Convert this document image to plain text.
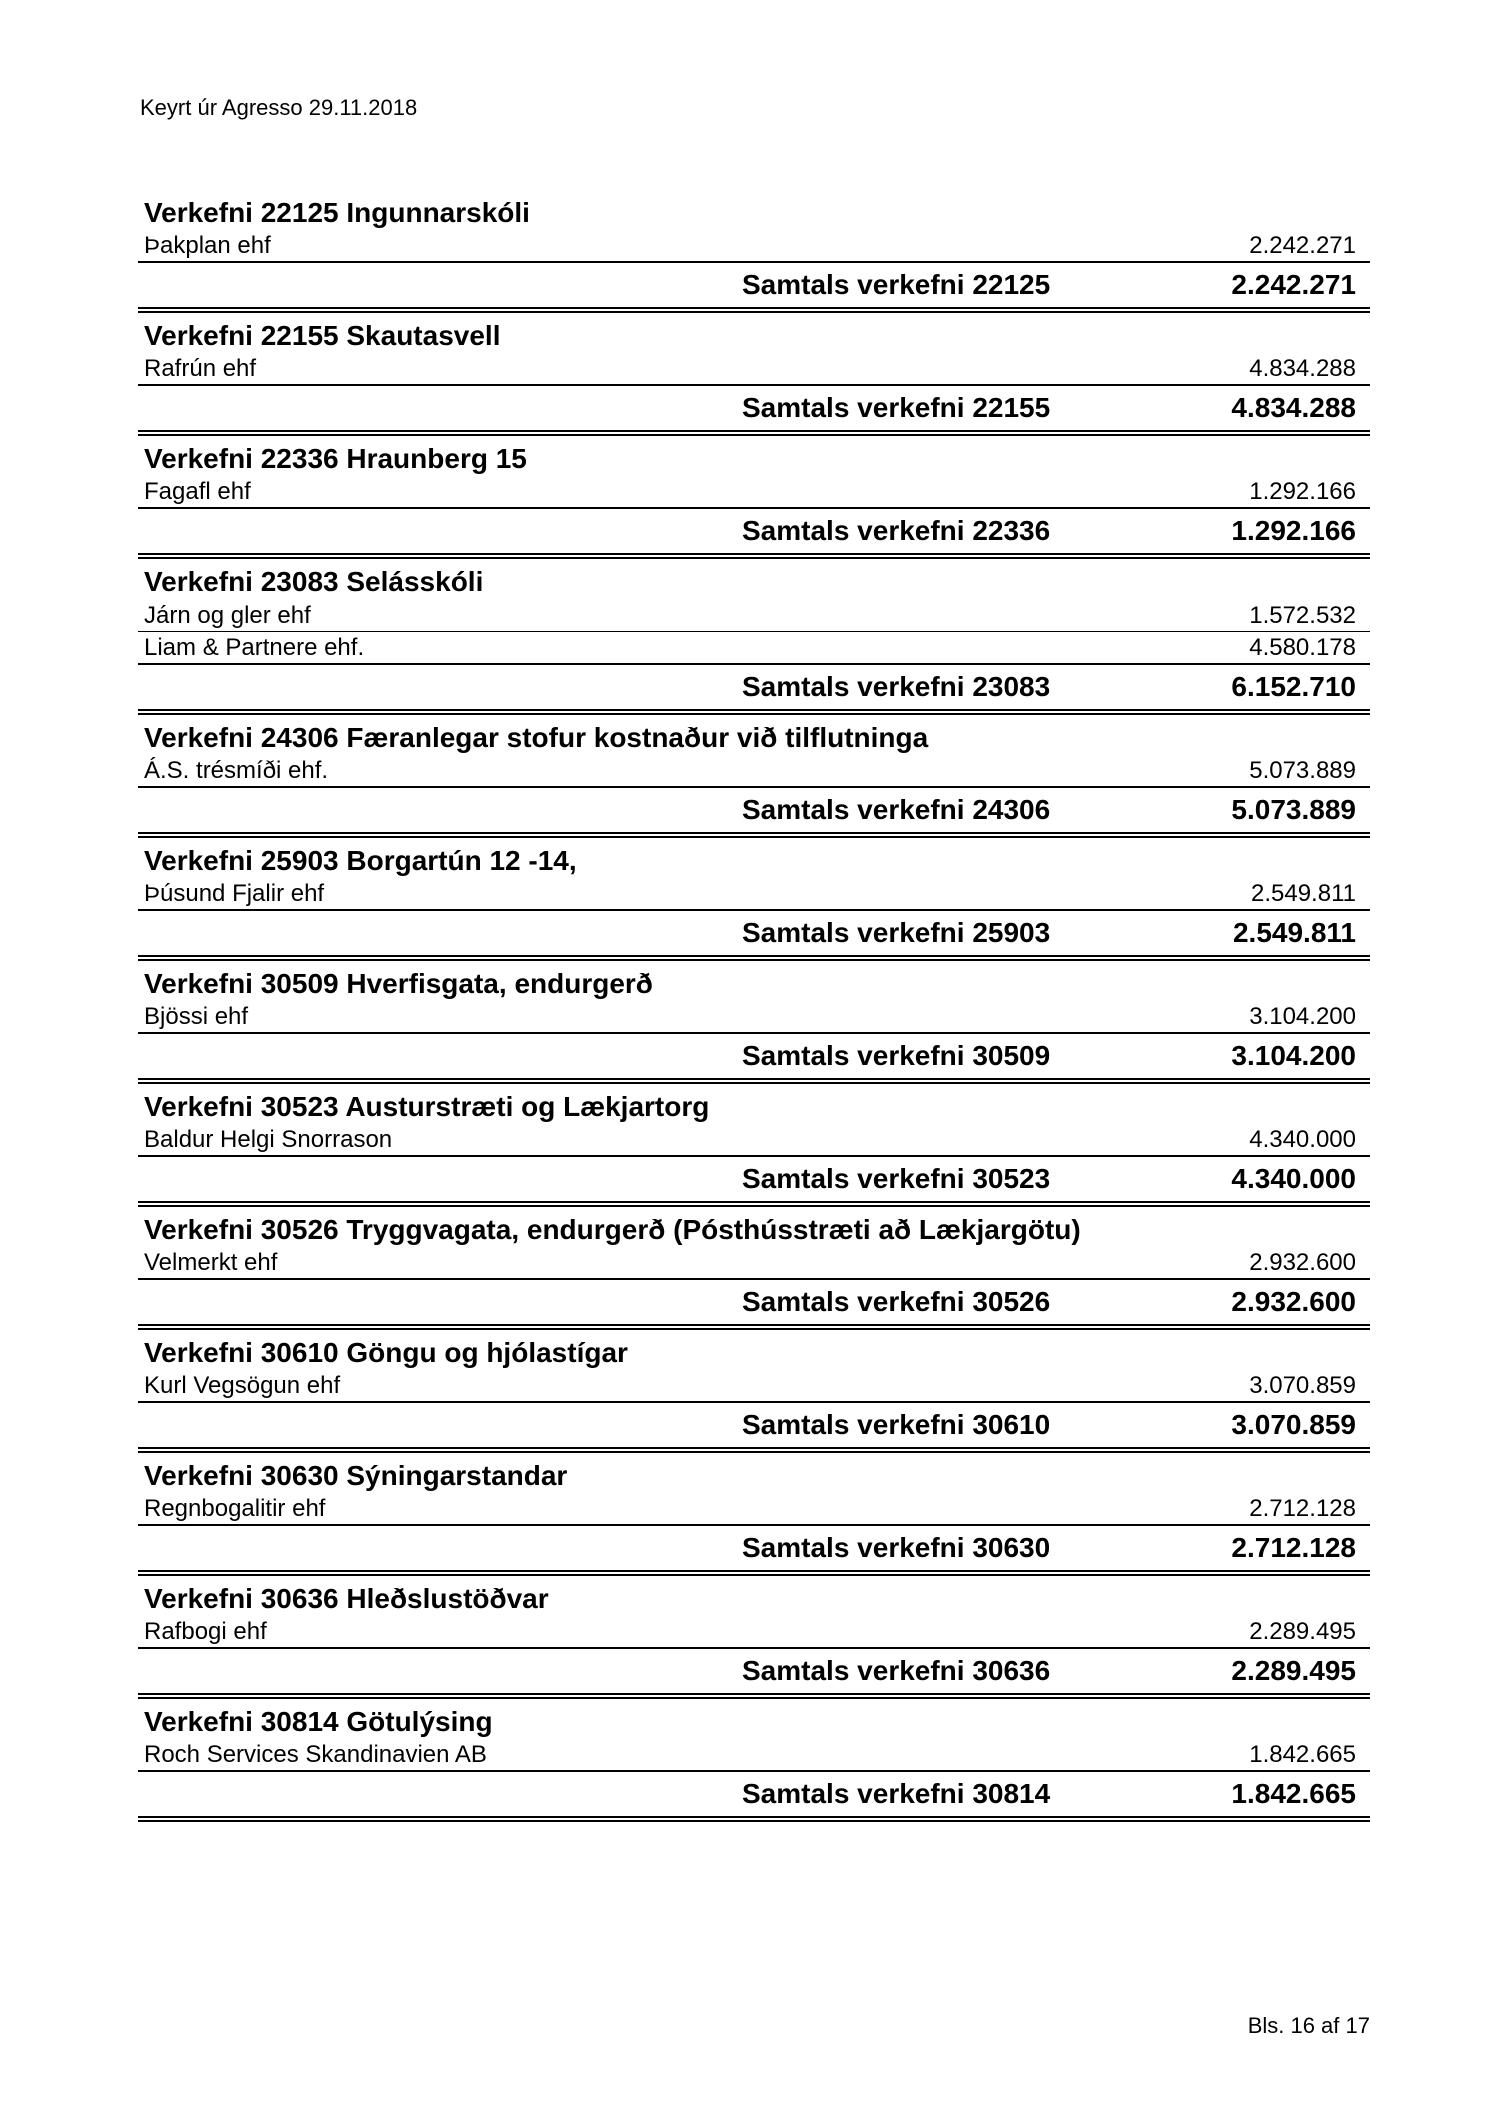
Keyrt úr Agresso 29.11.2018
Verkefni 22125 Ingunnarskóli
Þakplan ehf	2.242.271
Samtals verkefni 22125	2.242.271
Verkefni 22155 Skautasvell
Rafrún ehf	4.834.288
Samtals verkefni 22155	4.834.288
Verkefni 22336 Hraunberg 15
Fagafl ehf	1.292.166
Samtals verkefni 22336	1.292.166
Verkefni 23083 Selásskóli
Járn og gler ehf	1.572.532
Liam & Partnere ehf.	4.580.178
Samtals verkefni 23083	6.152.710
Verkefni 24306 Færanlegar stofur kostnaður við tilflutninga
Á.S. trésmíði ehf.	5.073.889
Samtals verkefni 24306	5.073.889
Verkefni 25903 Borgartún 12 -14,
Þúsund Fjalir ehf	2.549.811
Samtals verkefni 25903	2.549.811
Verkefni 30509 Hverfisgata, endurgerð
Bjössi ehf	3.104.200
Samtals verkefni 30509	3.104.200
Verkefni 30523 Austurstræti og Lækjartorg
Baldur Helgi Snorrason	4.340.000
Samtals verkefni 30523	4.340.000
Verkefni 30526 Tryggvagata, endurgerð (Pósthússtræti að Lækjargötu)
Velmerkt ehf	2.932.600
Samtals verkefni 30526	2.932.600
Verkefni 30610 Göngu og hjólastígar
Kurl Vegsögun ehf	3.070.859
Samtals verkefni 30610	3.070.859
Verkefni 30630 Sýningarstandar
Regnbogalitir ehf	2.712.128
Samtals verkefni 30630	2.712.128
Verkefni 30636 Hleðslustöðvar
Rafbogi ehf	2.289.495
Samtals verkefni 30636	2.289.495
Verkefni 30814 Götulýsing
Roch Services Skandinavien AB	1.842.665
Samtals verkefni 30814	1.842.665
Bls. 16 af 17
